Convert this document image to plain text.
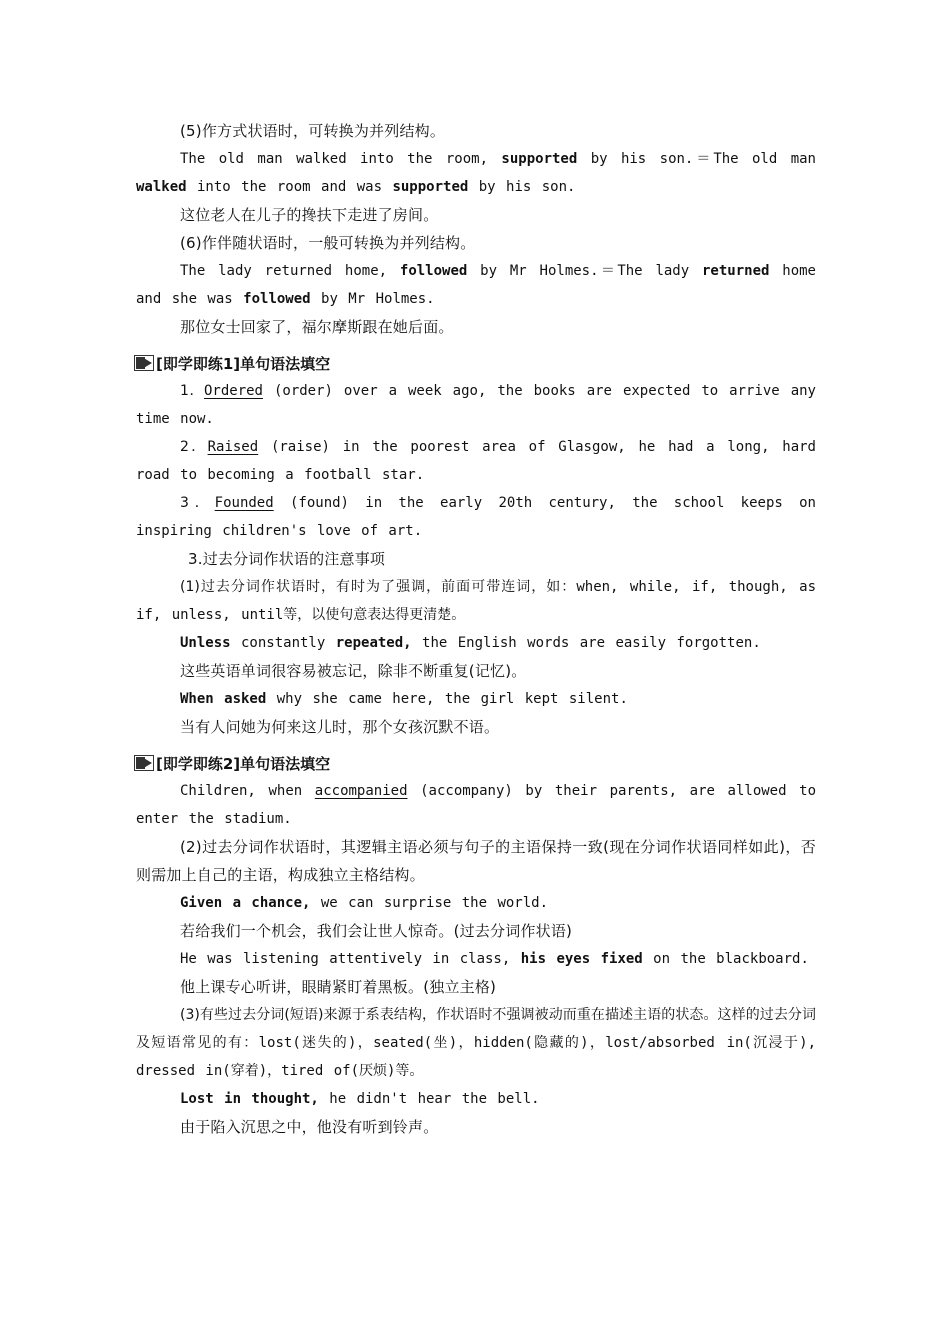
(5)作方式状语时，可转换为并列结构。

The old man walked into the room, supported by his son.＝The old man walked into the room and was supported by his son.

这位老人在儿子的搀扶下走进了房间。

(6)作伴随状语时，一般可转换为并列结构。

The lady returned home, followed by Mr Holmes.＝The lady returned home and she was followed by Mr Holmes.

那位女士回家了，福尔摩斯跟在她后面。

[即学即练1]单句语法填空

1．Ordered (order) over a week ago, the books are expected to arrive any time now.

2．Raised (raise) in the poorest area of Glasgow, he had a long, hard road to becoming a football star.

3．Founded (found) in the early 20th century, the school keeps on inspiring children's love of art.

3.过去分词作状语的注意事项

(1)过去分词作状语时，有时为了强调，前面可带连词，如：when, while, if, though, as if, unless, until等，以使句意表达得更清楚。

Unless constantly repeated, the English words are easily forgotten.

这些英语单词很容易被忘记，除非不断重复(记忆)。

When asked why she came here, the girl kept silent.

当有人问她为何来这儿时，那个女孩沉默不语。

[即学即练2]单句语法填空

Children, when accompanied (accompany) by their parents, are allowed to enter the stadium.

(2)过去分词作状语时，其逻辑主语必须与句子的主语保持一致(现在分词作状语同样如此)，否则需加上自己的主语，构成独立主格结构。

Given a chance, we can surprise the world.

若给我们一个机会，我们会让世人惊奇。(过去分词作状语)

He was listening attentively in class, his eyes fixed on the blackboard.

他上课专心听讲，眼睛紧盯着黑板。(独立主格)

(3)有些过去分词(短语)来源于系表结构，作状语时不强调被动而重在描述主语的状态。这样的过去分词及短语常见的有：lost(迷失的)，seated(坐)，hidden(隐藏的)，lost/absorbed in(沉浸于), dressed in(穿着)，tired of(厌烦)等。

Lost in thought, he didn't hear the bell.

由于陷入沉思之中，他没有听到铃声。
